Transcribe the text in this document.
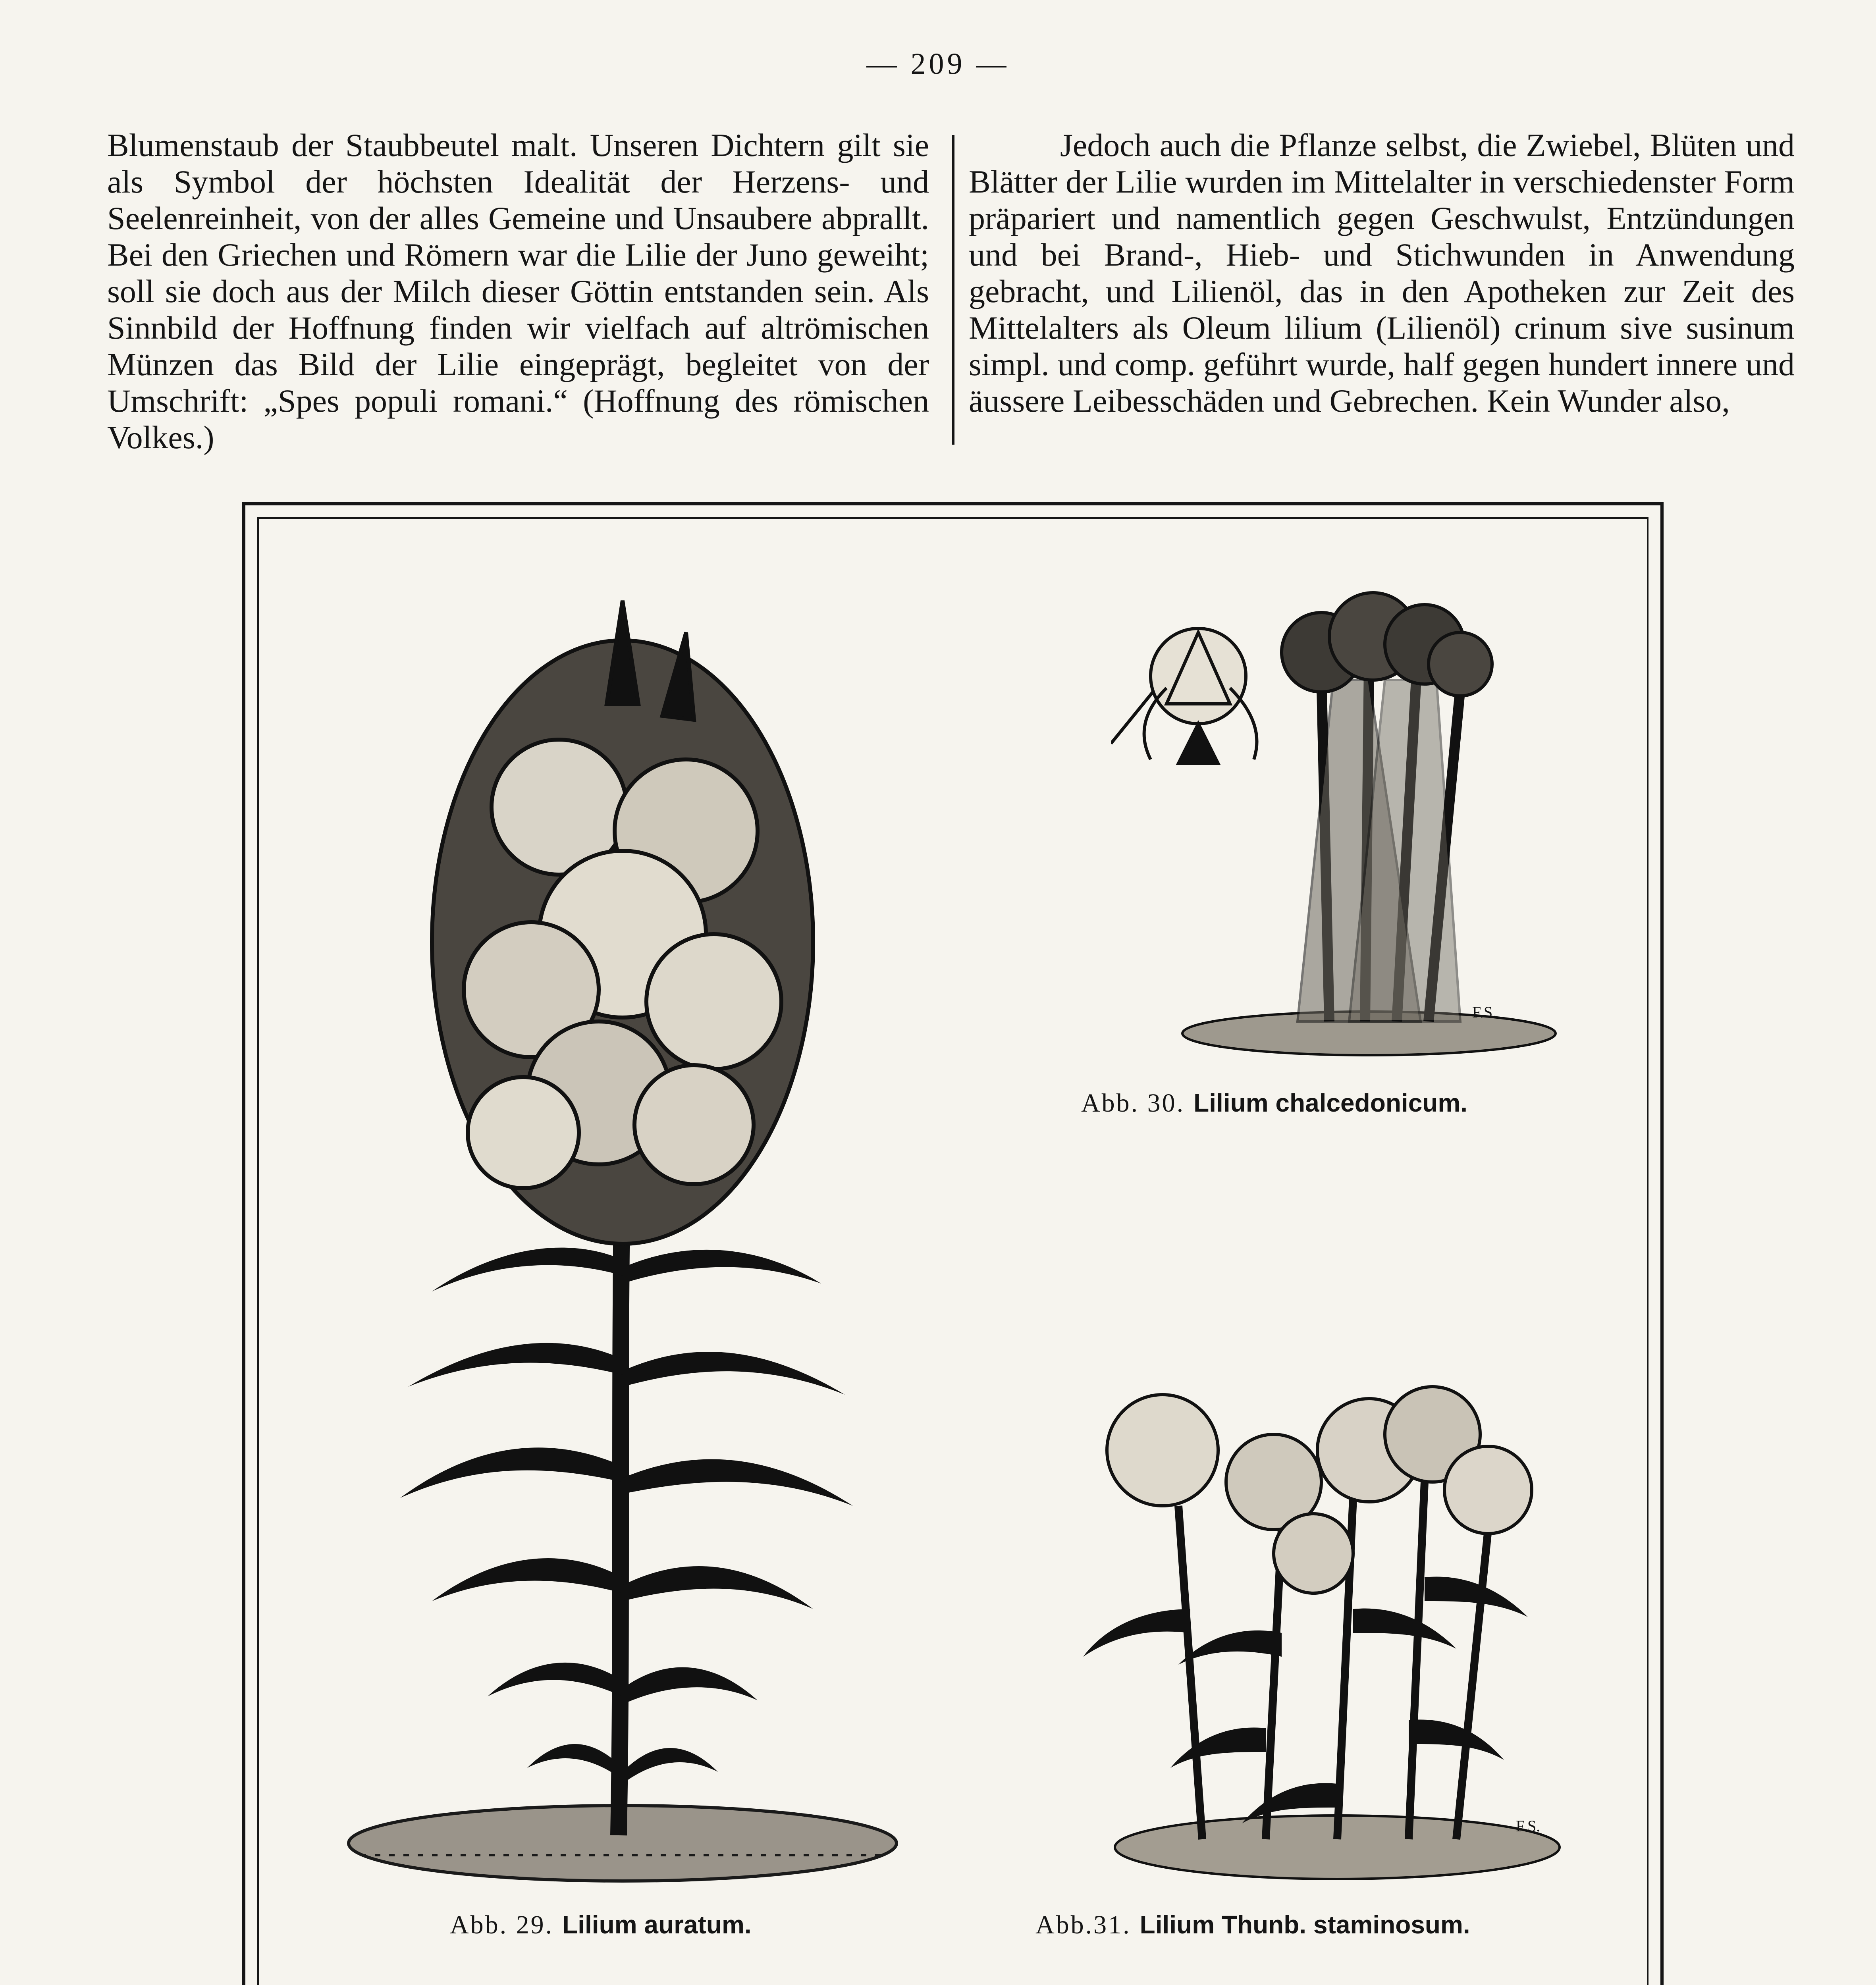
— 209 —

Blumenstaub der Staubbeutel malt. Unseren Dichtern gilt sie als Symbol der höchsten Idealität der Herzens- und Seelenreinheit, von der alles Gemeine und Unsaubere abprallt. Bei den Griechen und Römern war die Lilie der Juno geweiht; soll sie doch aus der Milch dieser Göttin entstanden sein. Als Sinnbild der Hoffnung finden wir vielfach auf altrömischen Münzen das Bild der Lilie eingeprägt, begleitet von der Umschrift: „Spes populi romani.“ (Hoffnung des römischen Volkes.)

Jedoch auch die Pflanze selbst, die Zwiebel, Blüten und Blätter der Lilie wurden im Mittelalter in verschiedenster Form präpariert und namentlich gegen Geschwulst, Entzündungen und bei Brand-, Hieb- und Stichwunden in Anwendung gebracht, und Lilienöl, das in den Apotheken zur Zeit des Mittelalters als Oleum lilium (Lilienöl) crinum sive susinum simpl. und comp. geführt wurde, half gegen hundert innere und äussere Leibesschäden und Gebrechen. Kein Wunder also,

F.S.
F.S.
Abb. 29. Lilium auratum.
Abb. 30. Lilium chalcedonicum.
Abb.31. Lilium Thunb. staminosum.
